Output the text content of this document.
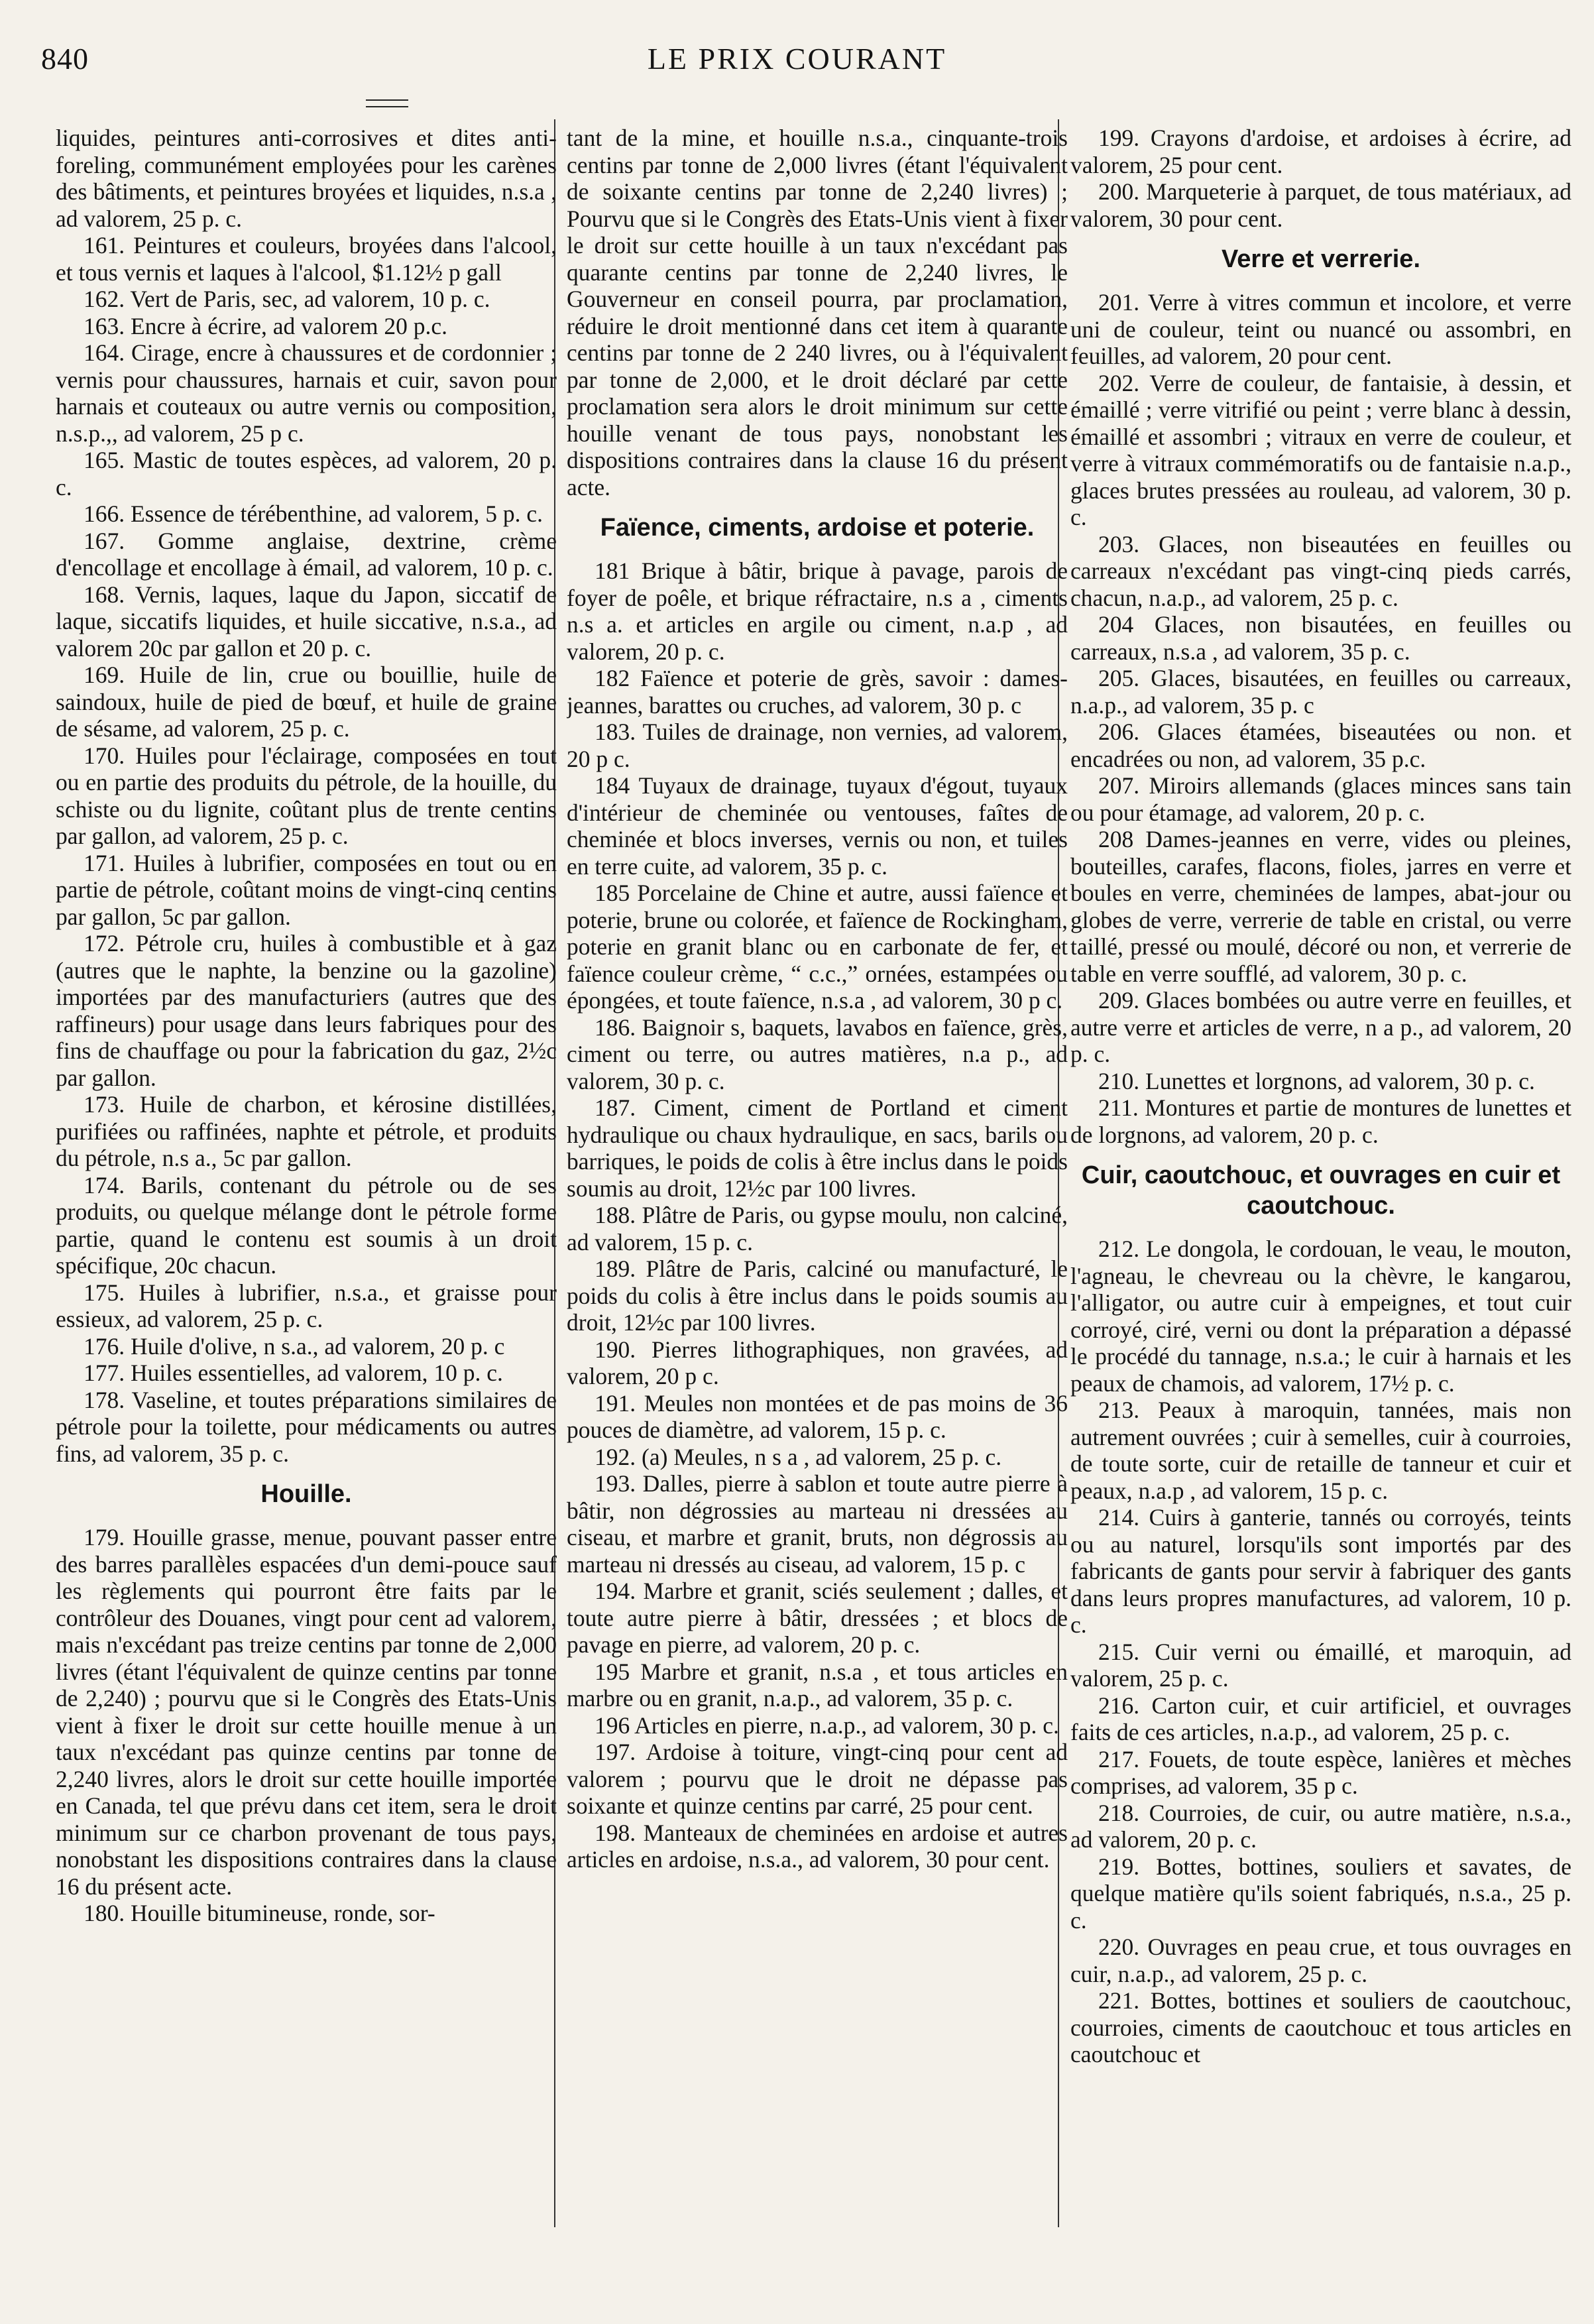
840	LE PRIX COURANT

liquides, peintures anti-corrosives et dites anti-foreling, communément employées pour les carènes des bâtiments, et peintures broyées et liquides, n.s.a , ad valorem, 25 p. c.

161. Peintures et couleurs, broyées dans l'alcool, et tous vernis et laques à l'alcool, $1.12½ p gall

162. Vert de Paris, sec, ad valorem, 10 p. c.

163. Encre à écrire, ad valorem 20 p.c.

164. Cirage, encre à chaussures et de cordonnier ; vernis pour chaussures, harnais et cuir, savon pour harnais et couteaux ou autre vernis ou composition, n.s.p.,, ad valorem, 25 p c.

165. Mastic de toutes espèces, ad valorem, 20 p. c.

166. Essence de térébenthine, ad valorem, 5 p. c.

167. Gomme anglaise, dextrine, crème d'encollage et encollage à émail, ad valorem, 10 p. c.

168. Vernis, laques, laque du Japon, siccatif de laque, siccatifs liquides, et huile siccative, n.s.a., ad valorem 20c par gallon et 20 p. c.

169. Huile de lin, crue ou bouillie, huile de saindoux, huile de pied de bœuf, et huile de graine de sésame, ad valorem, 25 p. c.

170. Huiles pour l'éclairage, composées en tout ou en partie des produits du pétrole, de la houille, du schiste ou du lignite, coûtant plus de trente centins par gallon, ad valorem, 25 p. c.

171. Huiles à lubrifier, composées en tout ou en partie de pétrole, coûtant moins de vingt-cinq centins par gallon, 5c par gallon.

172. Pétrole cru, huiles à combustible et à gaz (autres que le naphte, la benzine ou la gazoline) importées par des manufacturiers (autres que des raffineurs) pour usage dans leurs fabriques pour des fins de chauffage ou pour la fabrication du gaz, 2½c par gallon.

173. Huile de charbon, et kérosine distillées, purifiées ou raffinées, naphte et pétrole, et produits du pétrole, n.s a., 5c par gallon.

174. Barils, contenant du pétrole ou de ses produits, ou quelque mélange dont le pétrole forme partie, quand le contenu est soumis à un droit spécifique, 20c chacun.

175. Huiles à lubrifier, n.s.a., et graisse pour essieux, ad valorem, 25 p. c.

176. Huile d'olive, n s.a., ad valorem, 20 p. c

177. Huiles essentielles, ad valorem, 10 p. c.

178. Vaseline, et toutes préparations similaires de pétrole pour la toilette, pour médicaments ou autres fins, ad valorem, 35 p. c.

Houille.

179. Houille grasse, menue, pouvant passer entre des barres parallèles espacées d'un demi-pouce sauf les règlements qui pourront être faits par le contrôleur des Douanes, vingt pour cent ad valorem, mais n'excédant pas treize centins par tonne de 2,000 livres (étant l'équivalent de quinze centins par tonne de 2,240) ; pourvu que si le Congrès des Etats-Unis vient à fixer le droit sur cette houille menue à un taux n'excédant pas quinze centins par tonne de 2,240 livres, alors le droit sur cette houille importée en Canada, tel que prévu dans cet item, sera le droit minimum sur ce charbon provenant de tous pays, nonobstant les dispositions contraires dans la clause 16 du présent acte.

180. Houille bitumineuse, ronde, sor-

tant de la mine, et houille n.s.a., cinquante-trois centins par tonne de 2,000 livres (étant l'équivalent de soixante centins par tonne de 2,240 livres) ; Pourvu que si le Congrès des Etats-Unis vient à fixer le droit sur cette houille à un taux n'excédant pas quarante centins par tonne de 2,240 livres, le Gouverneur en conseil pourra, par proclamation, réduire le droit mentionné dans cet item à quarante centins par tonne de 2 240 livres, ou à l'équivalent par tonne de 2,000, et le droit déclaré par cette proclamation sera alors le droit minimum sur cette houille venant de tous pays, nonobstant les dispositions contraires dans la clause 16 du présent acte.

Faïence, ciments, ardoise et poterie.

181 Brique à bâtir, brique à pavage, parois de foyer de poêle, et brique réfractaire, n.s a , ciments n.s a. et articles en argile ou ciment, n.a.p , ad valorem, 20 p. c.

182 Faïence et poterie de grès, savoir : dames-jeannes, barattes ou cruches, ad valorem, 30 p. c

183. Tuiles de drainage, non vernies, ad valorem, 20 p c.

184 Tuyaux de drainage, tuyaux d'égout, tuyaux d'intérieur de cheminée ou ventouses, faîtes de cheminée et blocs inverses, vernis ou non, et tuiles en terre cuite, ad valorem, 35 p. c.

185 Porcelaine de Chine et autre, aussi faïence et poterie, brune ou colorée, et faïence de Rockingham, poterie en granit blanc ou en carbonate de fer, et faïence couleur crème, “ c.c.,” ornées, estampées ou épongées, et toute faïence, n.s.a , ad valorem, 30 p c.

186. Baignoir s, baquets, lavabos en faïence, grès, ciment ou terre, ou autres matières, n.a p., ad valorem, 30 p. c.

187. Ciment, ciment de Portland et ciment hydraulique ou chaux hydraulique, en sacs, barils ou barriques, le poids de colis à être inclus dans le poids soumis au droit, 12½c par 100 livres.

188. Plâtre de Paris, ou gypse moulu, non calciné, ad valorem, 15 p. c.

189. Plâtre de Paris, calciné ou manufacturé, le poids du colis à être inclus dans le poids soumis au droit, 12½c par 100 livres.

190. Pierres lithographiques, non gravées, ad valorem, 20 p c.

191. Meules non montées et de pas moins de 36 pouces de diamètre, ad valorem, 15 p. c.

192. (a) Meules, n s a , ad valorem, 25 p. c.

193. Dalles, pierre à sablon et toute autre pierre à bâtir, non dégrossies au marteau ni dressées au ciseau, et marbre et granit, bruts, non dégrossis au marteau ni dressés au ciseau, ad valorem, 15 p. c

194. Marbre et granit, sciés seulement ; dalles, et toute autre pierre à bâtir, dressées ; et blocs de pavage en pierre, ad valorem, 20 p. c.

195 Marbre et granit, n.s.a , et tous articles en marbre ou en granit, n.a.p., ad valorem, 35 p. c.

196 Articles en pierre, n.a.p., ad valorem, 30 p. c.

197. Ardoise à toiture, vingt-cinq pour cent ad valorem ; pourvu que le droit ne dépasse pas soixante et quinze centins par carré, 25 pour cent.

198. Manteaux de cheminées en ardoise et autres articles en ardoise, n.s.a., ad valorem, 30 pour cent.

199. Crayons d'ardoise, et ardoises à écrire, ad valorem, 25 pour cent.

200. Marqueterie à parquet, de tous matériaux, ad valorem, 30 pour cent.

Verre et verrerie.

201. Verre à vitres commun et incolore, et verre uni de couleur, teint ou nuancé ou assombri, en feuilles, ad valorem, 20 pour cent.

202. Verre de couleur, de fantaisie, à dessin, et émaillé ; verre vitrifié ou peint ; verre blanc à dessin, émaillé et assombri ; vitraux en verre de couleur, et verre à vitraux commémoratifs ou de fantaisie n.a.p., glaces brutes pressées au rouleau, ad valorem, 30 p. c.

203. Glaces, non biseautées en feuilles ou carreaux n'excédant pas vingt-cinq pieds carrés, chacun, n.a.p., ad valorem, 25 p. c.

204 Glaces, non bisautées, en feuilles ou carreaux, n.s.a , ad valorem, 35 p. c.

205. Glaces, bisautées, en feuilles ou carreaux, n.a.p., ad valorem, 35 p. c

206. Glaces étamées, biseautées ou non. et encadrées ou non, ad valorem, 35 p.c.

207. Miroirs allemands (glaces minces sans tain ou pour étamage, ad valorem, 20 p. c.

208 Dames-jeannes en verre, vides ou pleines, bouteilles, carafes, flacons, fioles, jarres en verre et boules en verre, cheminées de lampes, abat-jour ou globes de verre, verrerie de table en cristal, ou verre taillé, pressé ou moulé, décoré ou non, et verrerie de table en verre soufflé, ad valorem, 30 p. c.

209. Glaces bombées ou autre verre en feuilles, et autre verre et articles de verre, n a p., ad valorem, 20 p. c.

210. Lunettes et lorgnons, ad valorem, 30 p. c.

211. Montures et partie de montures de lunettes et de lorgnons, ad valorem, 20 p. c.

Cuir, caoutchouc, et ouvrages en cuir et caoutchouc.

212. Le dongola, le cordouan, le veau, le mouton, l'agneau, le chevreau ou la chèvre, le kangarou, l'alligator, ou autre cuir à empeignes, et tout cuir corroyé, ciré, verni ou dont la préparation a dépassé le procédé du tannage, n.s.a.; le cuir à harnais et les peaux de chamois, ad valorem, 17½ p. c.

213. Peaux à maroquin, tannées, mais non autrement ouvrées ; cuir à semelles, cuir à courroies, de toute sorte, cuir de retaille de tanneur et cuir et peaux, n.a.p , ad valorem, 15 p. c.

214. Cuirs à ganterie, tannés ou corroyés, teints ou au naturel, lorsqu'ils sont importés par des fabricants de gants pour servir à fabriquer des gants dans leurs propres manufactures, ad valorem, 10 p. c.

215. Cuir verni ou émaillé, et maroquin, ad valorem, 25 p. c.

216. Carton cuir, et cuir artificiel, et ouvrages faits de ces articles, n.a.p., ad valorem, 25 p. c.

217. Fouets, de toute espèce, lanières et mèches comprises, ad valorem, 35 p c.

218. Courroies, de cuir, ou autre matière, n.s.a., ad valorem, 20 p. c.

219. Bottes, bottines, souliers et savates, de quelque matière qu'ils soient fabriqués, n.s.a., 25 p. c.

220. Ouvrages en peau crue, et tous ouvrages en cuir, n.a.p., ad valorem, 25 p. c.

221. Bottes, bottines et souliers de caoutchouc, courroies, ciments de caoutchouc et tous articles en caoutchouc et
